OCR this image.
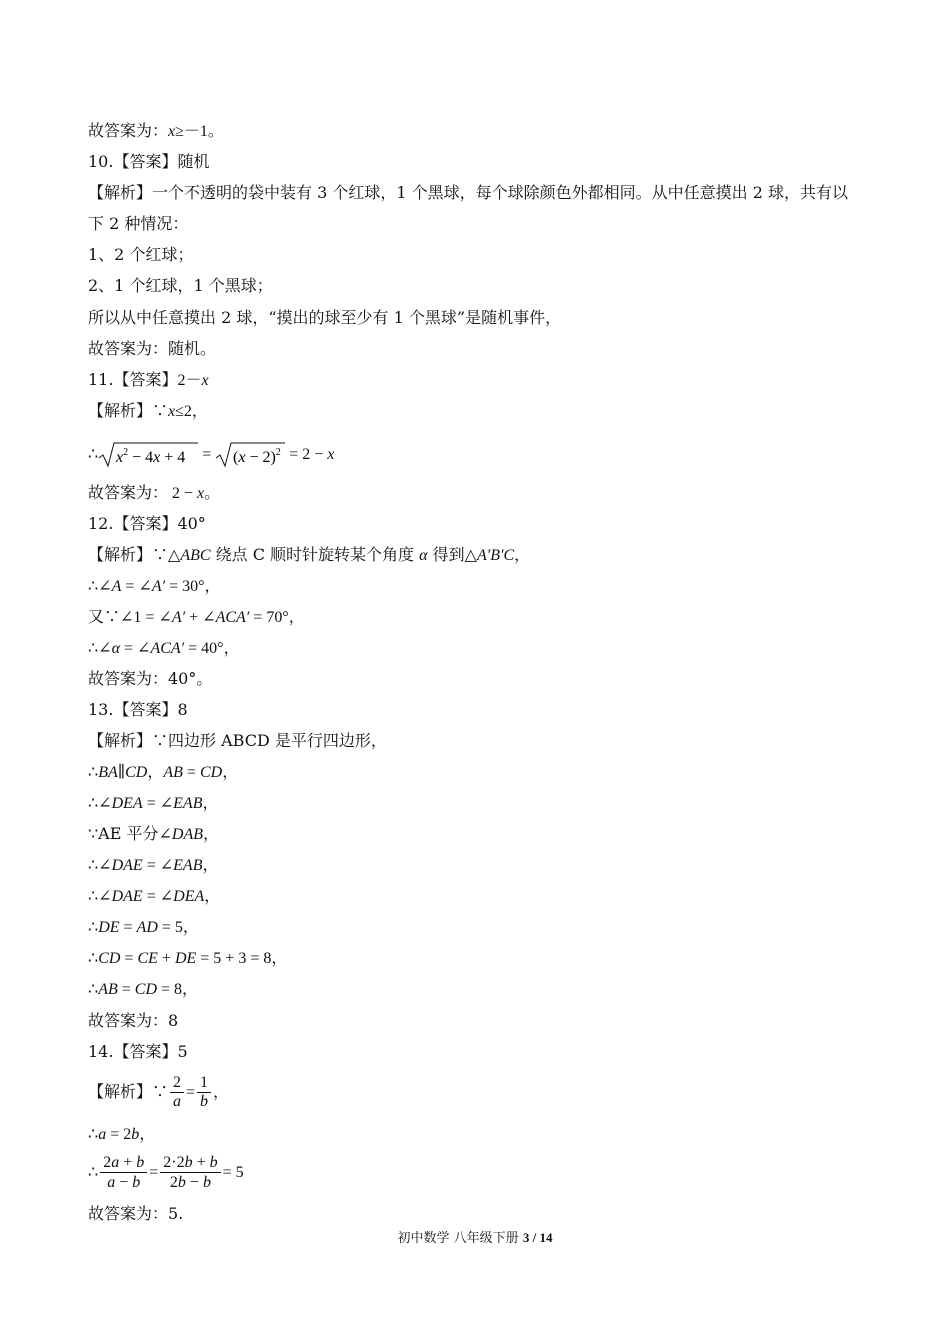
故答案为：x≥－1。
10.【答案】随机
【解析】一个不透明的袋中装有 3 个红球，1 个黑球，每个球除颜色外都相同。从中任意摸出 2 球，共有以
下 2 种情况：
1、2 个红球；
2、1 个红球，1 个黑球；
所以从中任意摸出 2 球，“摸出的球至少有 1 个黑球”是随机事件，
故答案为：随机。
11.【答案】2－x
【解析】∵x≤2，
∴ $x^2 - 4x + 4 = (x - 2)^2 = 2 - x$
故答案为： 2 − x。
12.【答案】40°
【解析】∵△ABC 绕点 C 顺时针旋转某个角度 α 得到△A′B′C，
∴∠A = ∠A′ = 30°，
又∵∠1 = ∠A′ + ∠ACA′ = 70°，
∴∠α = ∠ACA′ = 40°，
故答案为：40°。
13.【答案】8
【解析】∵四边形 ABCD 是平行四边形，
∴BA∥CD，AB = CD，
∴∠DEA = ∠EAB，
∵AE 平分∠DAB，
∴∠DAE = ∠EAB，
∴∠DAE = ∠DEA，
∴DE = AD = 5，
∴CD = CE + DE = 5 + 3 = 8，
∴AB = CD = 8，
故答案为：8
14.【答案】5
【解析】∵ $\frac{2}{a} = \frac{1}{b}$ ，
∴a = 2b，
∴ $\frac{2a + b}{a - b} = \frac{2\cdot 2b + b}{2b - b} = 5$
故答案为：5.
初中数学 八年级下册 3 / 14
